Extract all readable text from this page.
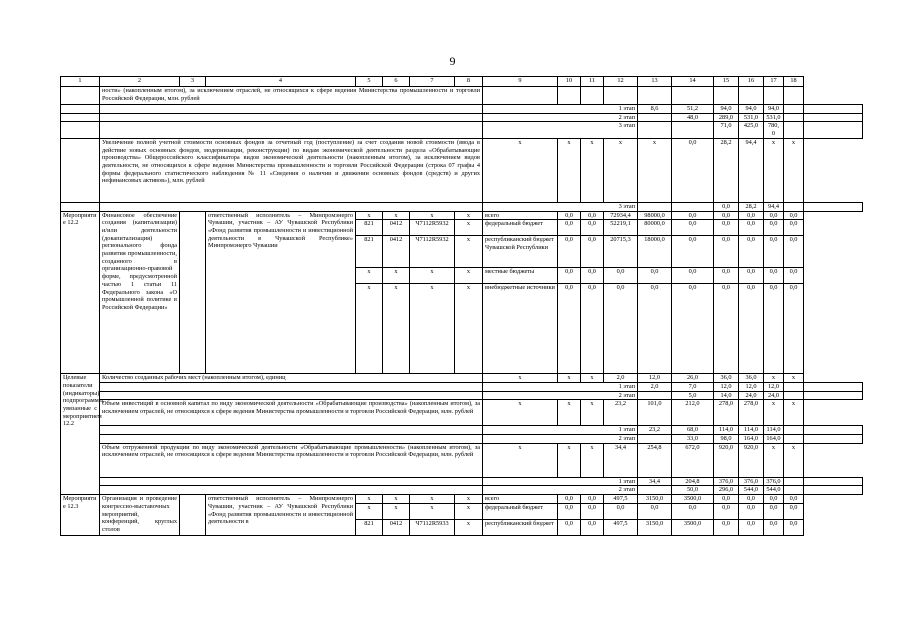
9
1	2	3	4	5	6	7	8	9	10	11	12	13	14	15	16	17	18	
	ности» (накопленным итогом), за исключением отраслей, не относящихся к сфере ведения Министерства промышленности и торговли Российской Федерации, млн. рублей																	
								1 этап				8,6	51,2	94,0	94,0	94,0		
								2 этап					48,0	289,0	531,0	531,0		
								3 этап						71,0	425,0	780, 0		
	Увеличение полной учетной стоимости основных фондов за отчетный год (поступление) за счет создания новой стоимости (ввода в действие новых основных фондов, модернизации, реконструкции) по видам экономической деятельности раздела «Обрабатывающие производства» Общероссийского классификатора видов экономической деятельности (накопленным итогом), за исключением видов деятельности, не относящихся к сфере ведения Министерства промышленности и торговли Российской Федерации (строка 07 графы 4 формы федерального статистического наблюдения № 11 «Сведения о наличии и движении основных фондов (средств) и других нефинансовых активов»), млн. рублей							x	x	x	x	x	0,0	28,2	94,4	x	x	
								3 этап						0,0	28,2	94,4		
Мероприятие 12.2	Финансовое обеспечение создания (капитализации) и/или деятельности (докапитализация) регионального фонда развития промышленности, созданного в организационно-правовой форме, предусмотренной частью 1 статьи 11 Федерального закона «О промышленной политике в Российской Федерации»		ответственный исполнитель – Минпромэнерго Чувашии, участник – АУ Чувашской Республики «Фонд развития промышленности и инвестиционной деятельности в Чувашской Республике» Минпромэнерго Чувашии	x	x	x	x	всего	0,0	0,0	72934,4	98000,0	0,0	0,0	0,0	0,0	0,0	
				821	0412	Ч7112R5932	x	федеральный бюджет	0,0	0,0	52219,1	80000,0	0,0	0,0	0,0	0,0	0,0	
				821	0412	Ч7112R5932	x	республиканский бюджет Чувашской Республики	0,0	0,0	20715,3	18000,0	0,0	0,0	0,0	0,0	0,0	
				x	x	x	x	местные бюджеты	0,0	0,0	0,0	0,0	0,0	0,0	0,0	0,0	0,0	
				x	x	x	x	внебюджетные источники	0,0	0,0	0,0	0,0	0,0	0,0	0,0	0,0	0,0	
Целевые показатели (индикаторы) подпрограммы, увязанные с мероприятием 12.2	Количество созданных рабочих мест (накопленным итогом), единиц							x	x	x	2,0	12,0	26,0	36,0	36,0	x	x	
								1 этап				2,0	7,0	12,0	12,0	12,0		
								2 этап					5,0	14,0	24,0	24,0		
	Объем инвестиций в основной капитал по виду экономической деятельности «Обрабатывающие производства» (накопленным итогом), за исключением отраслей, не относящихся к сфере ведения Министерства промышленности и торговли Российской Федерации, млн. рублей							x	x	x	23,2	101,0	212,0	278,0	278,0	x	x	
								1 этап				23,2	68,0	114,0	114,0	114,0		
								2 этап					33,0	98,0	164,0	164,0		
	Объем отгруженной продукции по виду экономической деятельности «Обрабатывающие промышленности» (накопленным итогом), за исключением отраслей, не относящихся к сфере ведения Министерства промышленности и торговли Российской Федерации, млн. рублей							x	x	x	34,4	254,8	672,0	920,0	920,0	x	x	
								1 этап				34,4	204,8	376,0	376,0	376,0		
								2 этап					50,0	296,0	544,0	544,0		
Мероприятие 12.3	Организация и проведение конгрессно-выставочных мероприятий, конференций, круглых столов		ответственный исполнитель – Минпромэнерго Чувашии, участник – АУ Чувашской Республики «Фонд развития промышленности и инвестиционной деятельности в	x	x	x	x	всего	0,0	0,0	497,5	3150,0	3500,0	0,0	0,0	0,0	0,0	
				x	x	x	x	федеральный бюджет	0,0	0,0	0,0	0,0	0,0	0,0	0,0	0,0	0,0	
				821	0412	Ч7112R5933	x	республиканский бюджет	0,0	0,0	497,5	3150,0	3500,0	0,0	0,0	0,0	0,0	
